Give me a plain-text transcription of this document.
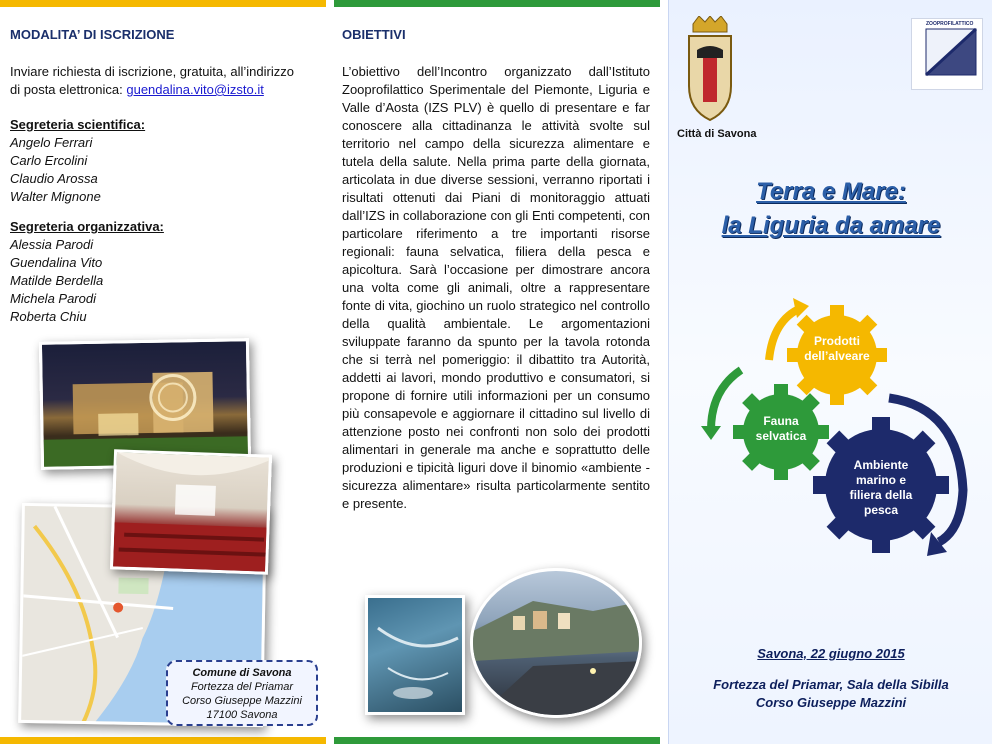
MODALITA’ DI ISCRIZIONE
Inviare richiesta di iscrizione, gratuita, all’indirizzo
di posta elettronica: guendalina.vito@izsto.it
Segreteria scientifica:
Angelo Ferrari
Carlo Ercolini
Claudio Arossa
Walter Mignone
Segreteria organizzativa:
Alessia Parodi
Guendalina Vito
Matilde Berdella
Michela Parodi
Roberta Chiu
Comune di Savona
Fortezza del Priamar
Corso Giuseppe Mazzini
17100 Savona
OBIETTIVI

L’obiettivo dell’Incontro organizzato dall’Istituto Zooprofilattico Sperimentale del Piemonte, Liguria e Valle d’Aosta (IZS PLV) è quello di presentare e far conoscere alla cittadinanza le attività svolte sul territorio nel campo della sicurezza alimentare e tutela della salute. Nella prima parte della giornata, articolata in due diverse sessioni, verranno riportati i risultati ottenuti dai Piani di monitoraggio attuati dall’IZS in collaborazione con gli Enti competenti, con particolare riferimento a tre importanti risorse regionali: fauna selvatica, filiera della pesca e apicoltura. Sarà l’occasione per dimostrare ancora una volta come gli animali, oltre a rappresentare fonte di vita, giochino un ruolo strategico nel controllo della qualità ambientale. Le argomentazioni sviluppate faranno da spunto per la tavola rotonda che si terrà nel pomeriggio: il dibattito tra Autorità, addetti ai lavori, mondo produttivo e consumatori, si propone di fornire utili informazioni per un consumo più consapevole e aggiornare il cittadino sul livello di attenzione posto nei confronti non solo dei prodotti alimentari in generale ma anche e soprattutto delle produzioni e tipicità liguri dove il binomio «ambiente - sicurezza alimentare» risulta particolarmente sentito e presente.

Città di Savona
ZOOPROFILATTICO
Terra e Mare:
la Liguria da amare
Prodotti dell’alveare
Fauna selvatica
Ambiente marino e filiera della pesca
Savona, 22 giugno 2015
Fortezza del Priamar, Sala della Sibilla
Corso Giuseppe Mazzini
